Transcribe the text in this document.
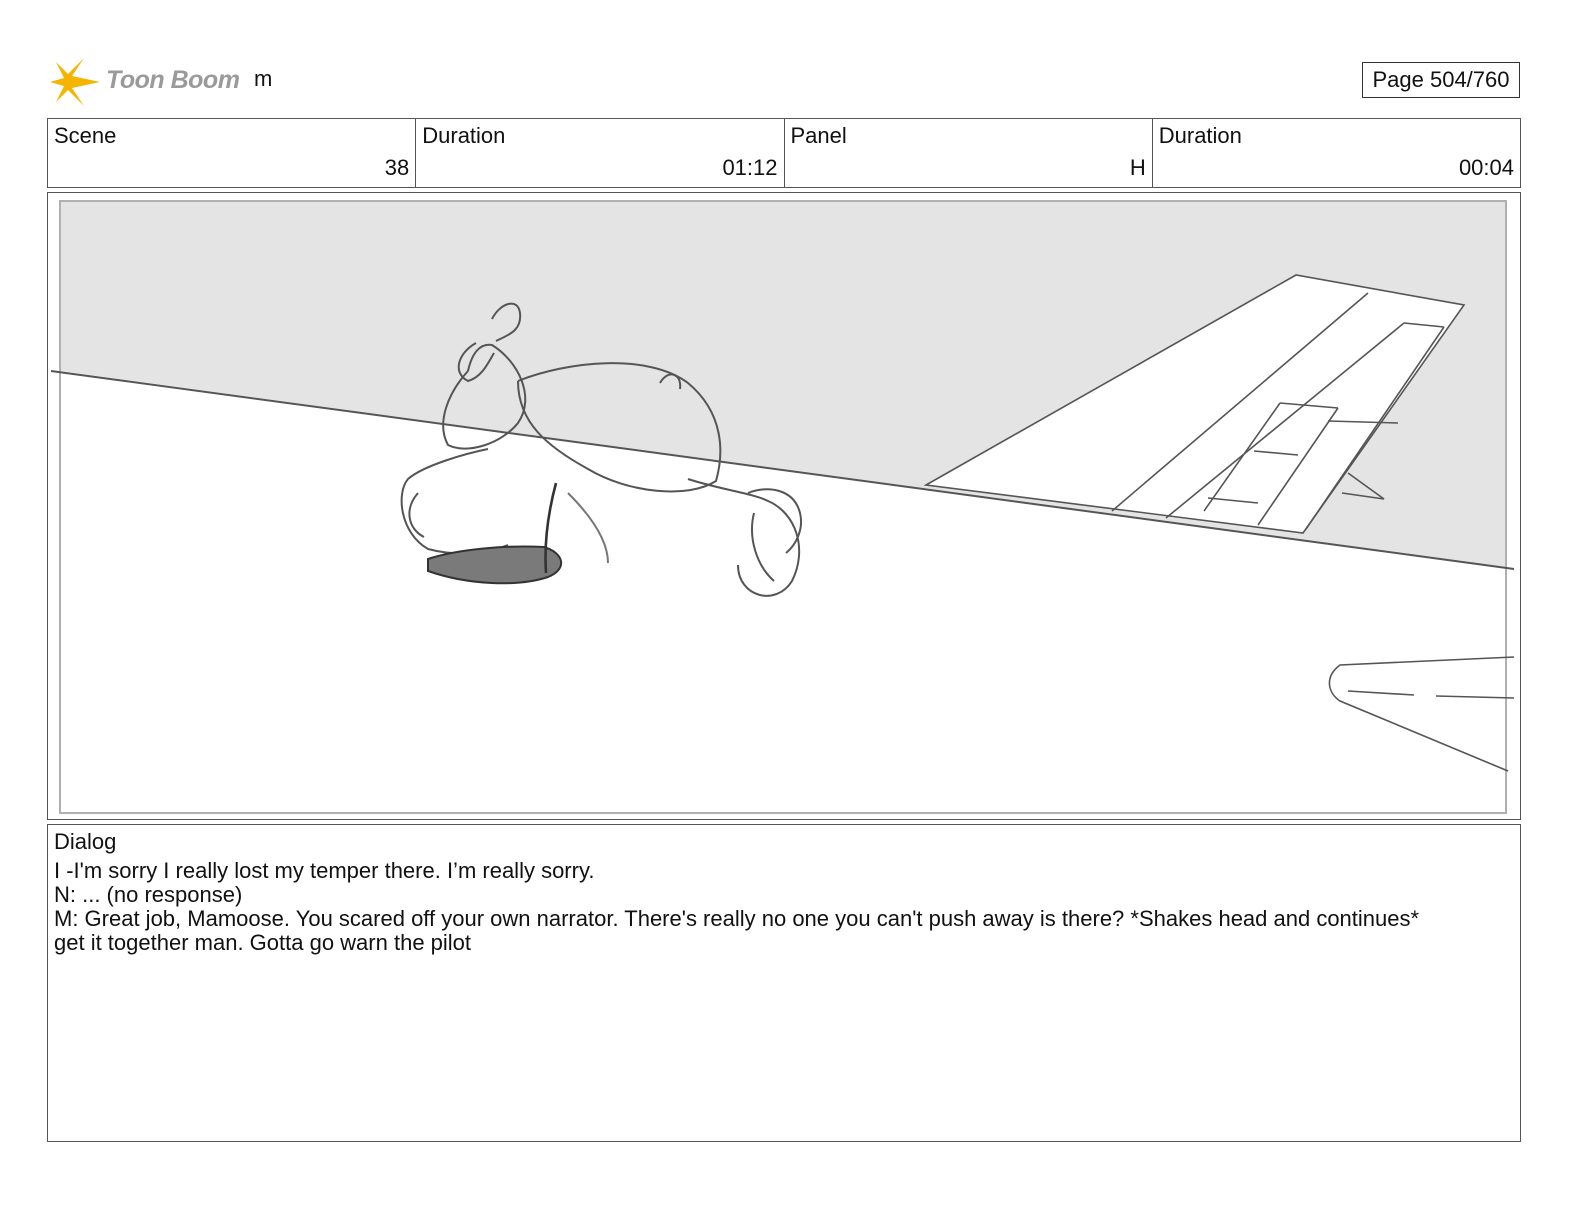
Toon Boom m	Page 504/760
Scene
38
Duration
01:12
Panel
H
Duration
00:04
Dialog
I -I'm sorry I really lost my temper there. I’m really sorry.
N: ... (no response)
M: Great job, Mamoose. You scared off your own narrator. There's really no one you can't push away is there? *Shakes head and continues* get it together man. Gotta go warn the pilot
